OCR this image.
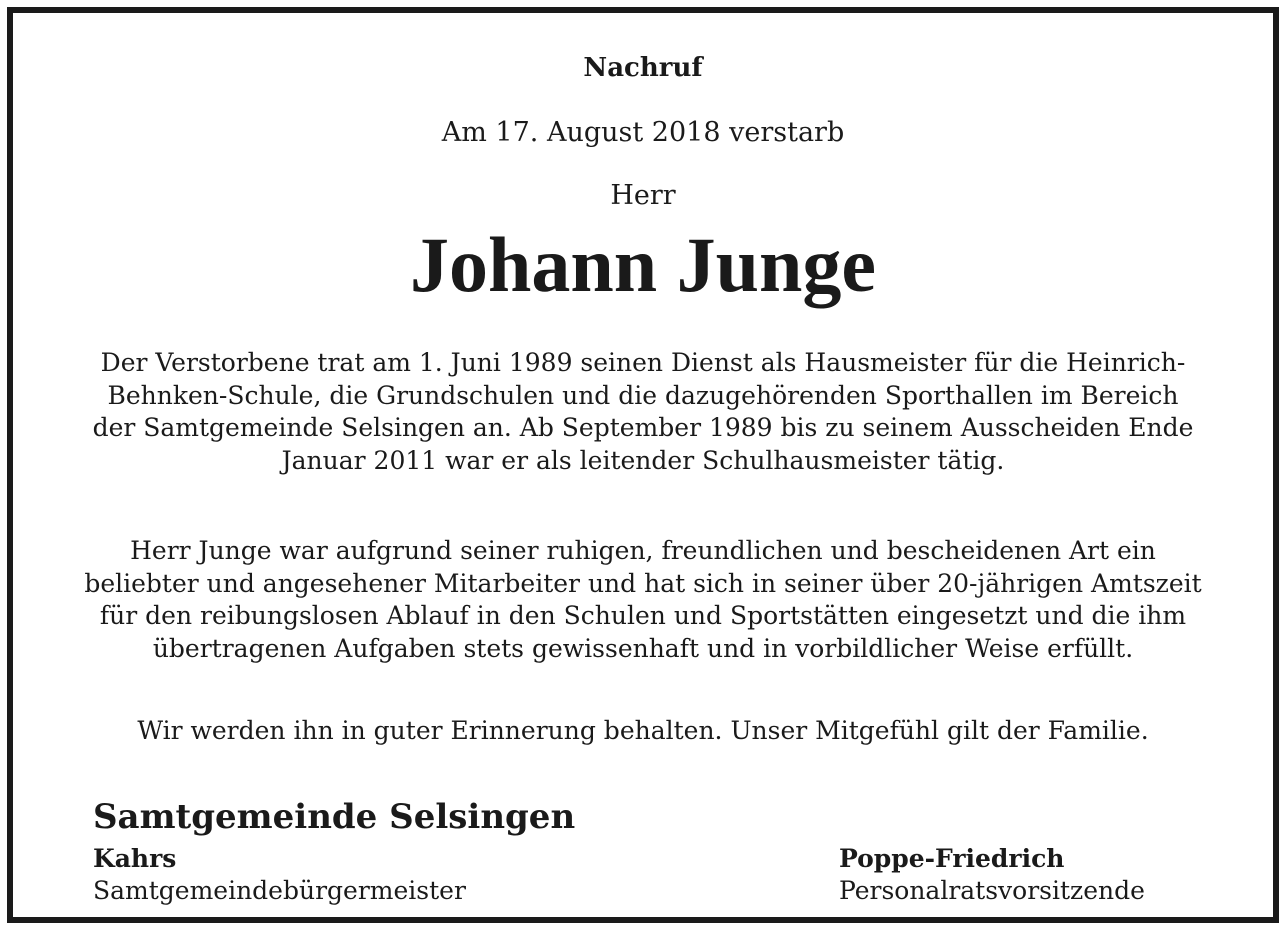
Nachruf
Am 17. August 2018 verstarb
Herr
Johann Junge
Der Verstorbene trat am 1. Juni 1989 seinen Dienst als Hausmeister für die Heinrich-Behnken-Schule, die Grundschulen und die dazugehörenden Sporthallen im Bereich der Samtgemeinde Selsingen an. Ab September 1989 bis zu seinem Ausscheiden Ende Januar 2011 war er als leitender Schulhausmeister tätig.
Herr Junge war aufgrund seiner ruhigen, freundlichen und bescheidenen Art ein beliebter und angesehener Mitarbeiter und hat sich in seiner über 20-jährigen Amtszeit für den reibungslosen Ablauf in den Schulen und Sportstätten eingesetzt und die ihm übertragenen Aufgaben stets gewissenhaft und in vorbildlicher Weise erfüllt.
Wir werden ihn in guter Erinnerung behalten. Unser Mitgefühl gilt der Familie.
Samtgemeinde Selsingen
Kahrs
Samtgemeindebürgermeister
Poppe-Friedrich
Personalratsvorsitzende
